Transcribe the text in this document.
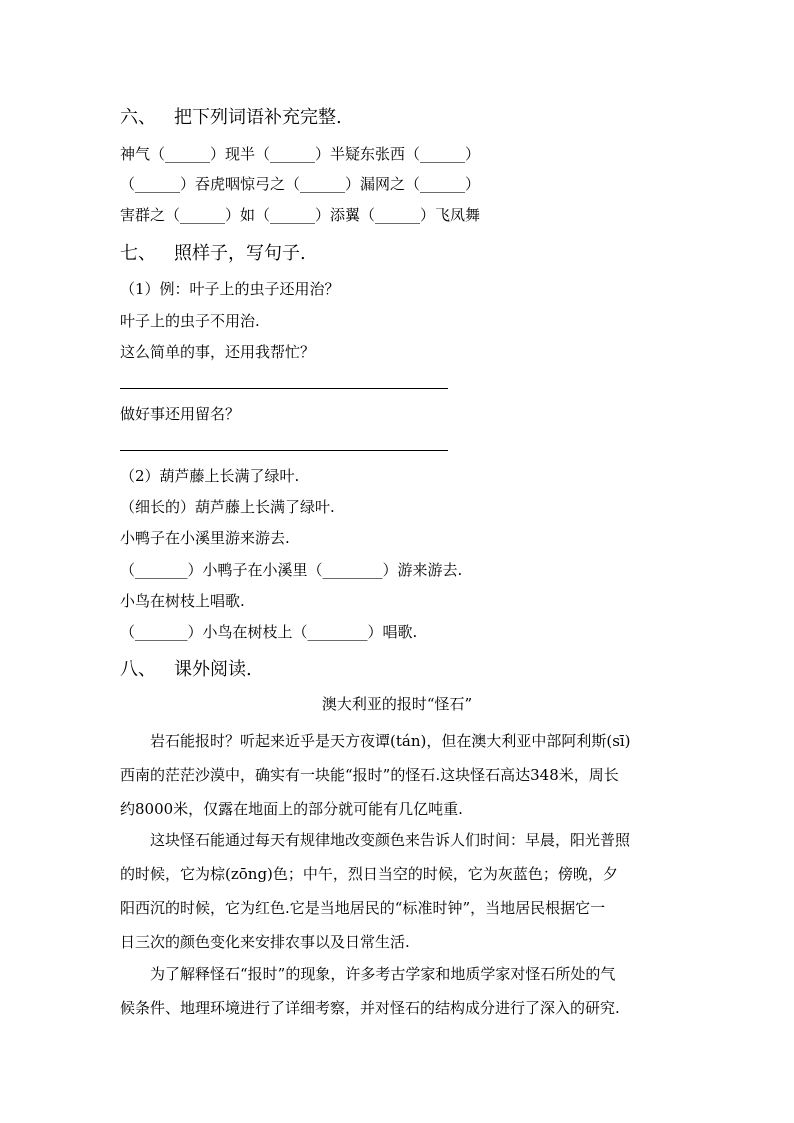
六、 把下列词语补充完整.
神气（______）现半（______）半疑东张西（______）
（______）吞虎咽惊弓之（______）漏网之（______）
害群之（______）如（______）添翼（______）飞凤舞
七、 照样子，写句子.
（1）例：叶子上的虫子还用治？
叶子上的虫子不用治.
这么简单的事，还用我帮忙？
做好事还用留名？
（2）葫芦藤上长满了绿叶.
（细长的）葫芦藤上长满了绿叶.
小鸭子在小溪里游来游去.
（_______）小鸭子在小溪里（________）游来游去.
小鸟在树枝上唱歌.
（_______）小鸟在树枝上（________）唱歌.
八、 课外阅读.
澳大利亚的报时“怪石”
岩石能报时？听起来近乎是天方夜谭(tán)，但在澳大利亚中部阿利斯(sī)
西南的茫茫沙漠中，确实有一块能“报时”的怪石.这块怪石高达348米，周长
约8000米，仅露在地面上的部分就可能有几亿吨重.
这块怪石能通过每天有规律地改变颜色来告诉人们时间：早晨，阳光普照
的时候，它为棕(zōng)色；中午，烈日当空的时候，它为灰蓝色；傍晚，夕
阳西沉的时候，它为红色.它是当地居民的“标准时钟”，当地居民根据它一
日三次的颜色变化来安排农事以及日常生活.
为了解释怪石“报时”的现象，许多考古学家和地质学家对怪石所处的气
候条件、地理环境进行了详细考察，并对怪石的结构成分进行了深入的研究.
